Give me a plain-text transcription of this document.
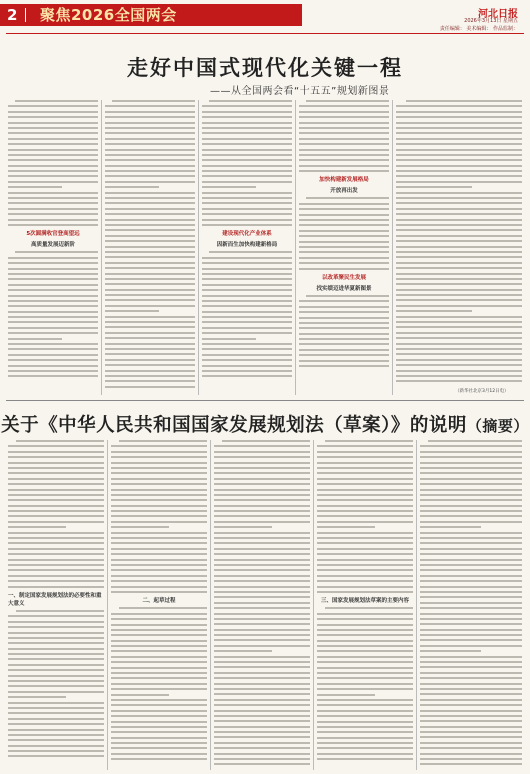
2 聚焦2026全国两会	河北日报
2026年3月13日 星期五
责任编辑： 美术编辑： 作品监制：
走好中国式现代化关键一程
——从全国两会看“十五五”规划新图景
5次圆满收官登高望远
高质量发展迈新阶
建设现代化产业体系
因新而生加快构建新格局
加快构建新发展格局
开放再出发
以改革聚民生发展
找实绩迈进华夏新图景
（新华社北京3月12日电）
关于《中华人民共和国国家发展规划法（草案）》的说明（摘要）
一、制定国家发展规划法的必要性和重大意义	二、起草过程	三、国家发展规划法草案的主要内容
